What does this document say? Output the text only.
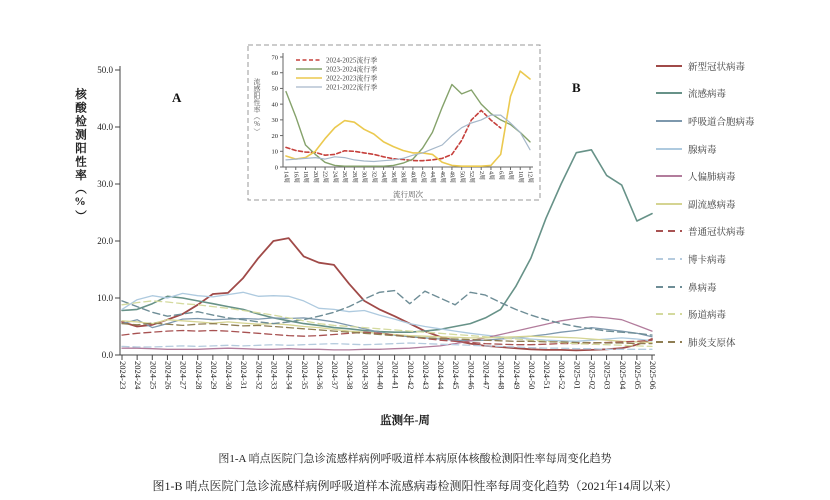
0.0
10.0
20.0
30.0
40.0
50.0
2024-23 2024-24 2024-25 2024-26 2024-27 2024-28 2024-29 2024-30 2024-31 2024-32 2024-33 2024-34 2024-35 2024-36 2024-37 2024-38 2024-39 2024-40 2024-41 2024-42 2024-43 2024-44 2024-45 2024-46 2024-47 2024-48 2024-49 2024-50 2024-51 2024-52 2025-01 2025-02 2025-03 2025-04 2025-05 2025-06
0
10
20
30
40
50
60
70
14周 16周 18周 20周 22周 24周 26周 28周 30周 32周 34周 36周 38周 40周 42周 44周 46周 48周 50周 52周 2周 4周 6周 8周 10周 12周
2024-2025流行季
2023-2024流行季
2022-2023流行季
2021-2022流行季
A
B
核酸检测阳性率（%）
监测年-周
流感阳性率（%）
流行周次
新型冠状病毒
流感病毒
呼吸道合胞病毒
腺病毒
人偏肺病毒
副流感病毒
普通冠状病毒
博卡病毒
鼻病毒
肠道病毒
肺炎支原体
图1-A 哨点医院门急诊流感样病例呼吸道样本病原体核酸检测阳性率每周变化趋势
图1-B 哨点医院门急诊流感样病例呼吸道样本流感病毒检测阳性率每周变化趋势（2021年14周以来）
